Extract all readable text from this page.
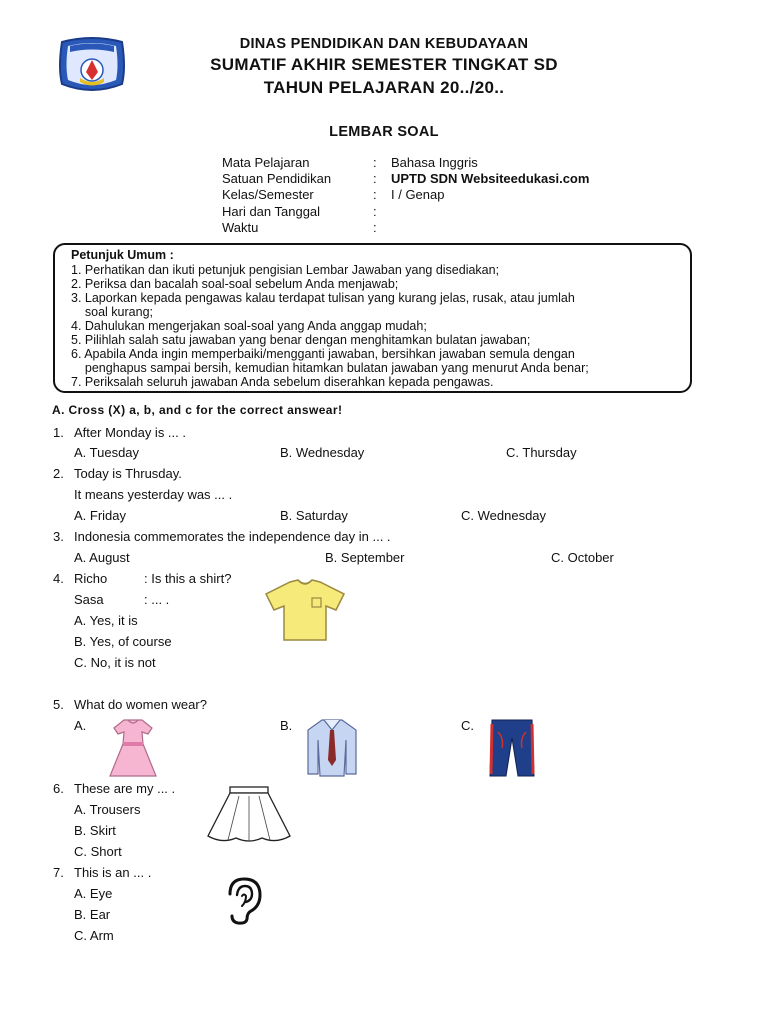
DINAS PENDIDIKAN DAN KEBUDAYAAN
SUMATIF AKHIR SEMESTER TINGKAT SD
TAHUN PELAJARAN 20../20..
LEMBAR SOAL
Mata Pelajaran	: Bahasa Inggris
Satuan Pendidikan	: UPTD SDN Websiteedukasi.com
Kelas/Semester	: I / Genap
Hari dan Tanggal	:
Waktu	:
Petunjuk Umum :
1. Perhatikan dan ikuti petunjuk pengisian Lembar Jawaban yang disediakan;
2. Periksa dan bacalah soal-soal sebelum Anda menjawab;
3. Laporkan kepada pengawas kalau terdapat tulisan yang kurang jelas, rusak, atau jumlah
soal kurang;
4. Dahulukan mengerjakan soal-soal yang Anda anggap mudah;
5. Pilihlah salah satu jawaban yang benar dengan menghitamkan bulatan jawaban;
6. Apabila Anda ingin memperbaiki/mengganti jawaban, bersihkan jawaban semula dengan
penghapus sampai bersih, kemudian hitamkan bulatan jawaban yang menurut Anda benar;
7. Periksalah seluruh jawaban Anda sebelum diserahkan kepada pengawas.
A. Cross (X) a, b, and c for the correct answear!
1. After Monday is ... .
A. Tuesday	B. Wednesday	C. Thursday
2. Today is Thrusday.
It means yesterday was ... .
A. Friday	B. Saturday	C. Wednesday
3. Indonesia commemorates the independence day in ... .
A. August	B. September	C. October
4. Richo	: Is this a shirt?
Sasa	: ... .
A. Yes, it is
B. Yes, of course
C. No, it is not
5. What do women wear?
A.	B.	C.
6. These are my ... .
A. Trousers
B. Skirt
C. Short
7. This is an ... .
A. Eye
B. Ear
C. Arm
